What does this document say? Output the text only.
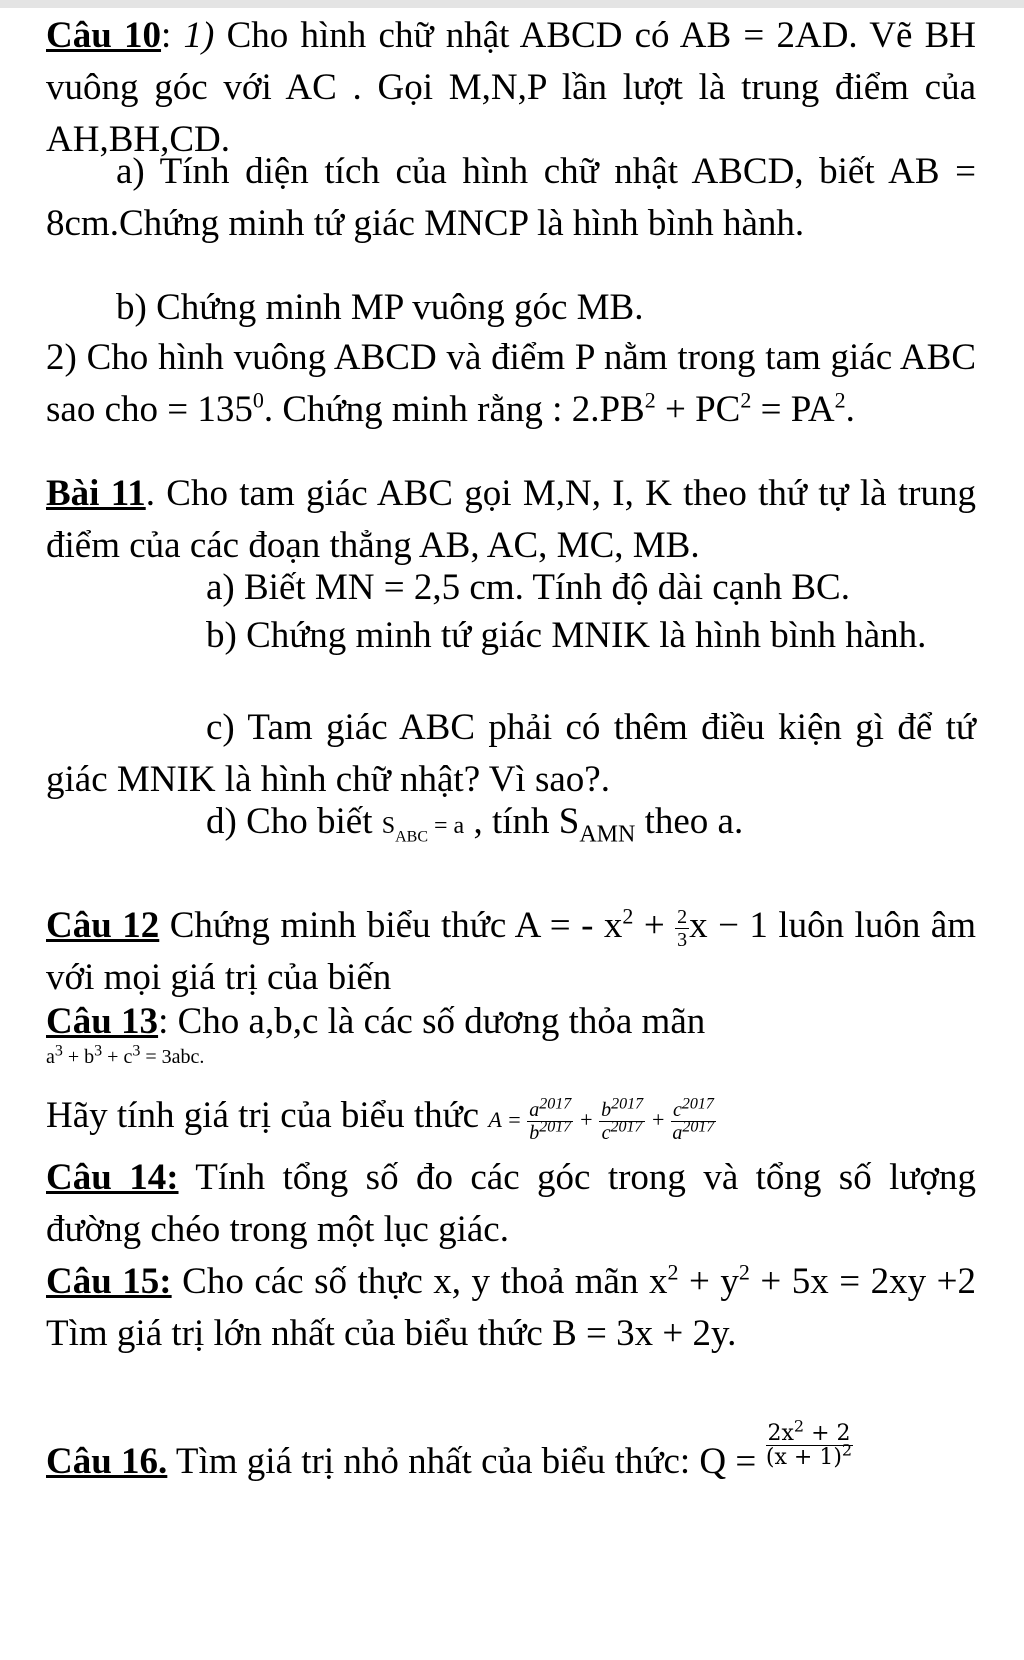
Câu 10: 1) Cho hình chữ nhật ABCD có AB = 2AD. Vẽ BH vuông góc với AC . Gọi M,N,P lần lượt là trung điểm của AH,BH,CD.
a) Tính diện tích của hình chữ nhật ABCD, biết AB = 8cm.Chứng minh tứ giác MNCP là hình bình hành.
b) Chứng minh MP vuông góc MB.
2) Cho hình vuông ABCD và điểm P nằm trong tam giác ABC sao cho = $135^0$. Chứng minh rằng : $2.PB^2 + PC^2 = PA^2$.
Bài 11. Cho tam giác ABC gọi M,N, I, K theo thứ tự là trung điểm của các đoạn thẳng AB, AC, MC, MB.
a) Biết MN = 2,5 cm. Tính độ dài cạnh BC.
b) Chứng minh tứ giác MNIK là hình bình hành.
c) Tam giác ABC phải có thêm điều kiện gì để tứ giác MNIK là hình chữ nhật? Vì sao?.
d) Cho biết $S_{ABC} = a$ , tính $S_{AMN}$ theo a.
Câu 12 Chứng minh biểu thức A = - $x^2 + \frac{2}{3}$ x − 1 luôn luôn âm với mọi giá trị của biến
Câu 13: Cho a,b,c là các số dương thỏa mãn
$a^3 + b^3 + c^3 = 3abc$.
Hãy tính giá trị của biểu thức $A = \frac{a^{2017}}{b^{2017}} + \frac{b^{2017}}{c^{2017}} + \frac{c^{2017}}{a^{2017}}$
Câu 14: Tính tổng số đo các góc trong và tổng số lượng đường chéo trong một lục giác.
Câu 15: Cho các số thực x, y thoả mãn $x^2 + y^2 + 5x = 2xy +2$ Tìm giá trị lớn nhất của biểu thức B = 3x + 2y.
Câu 16. Tìm giá trị nhỏ nhất của biểu thức: $Q = \frac{2x^2 + 2}{(x + 1)^2}$
